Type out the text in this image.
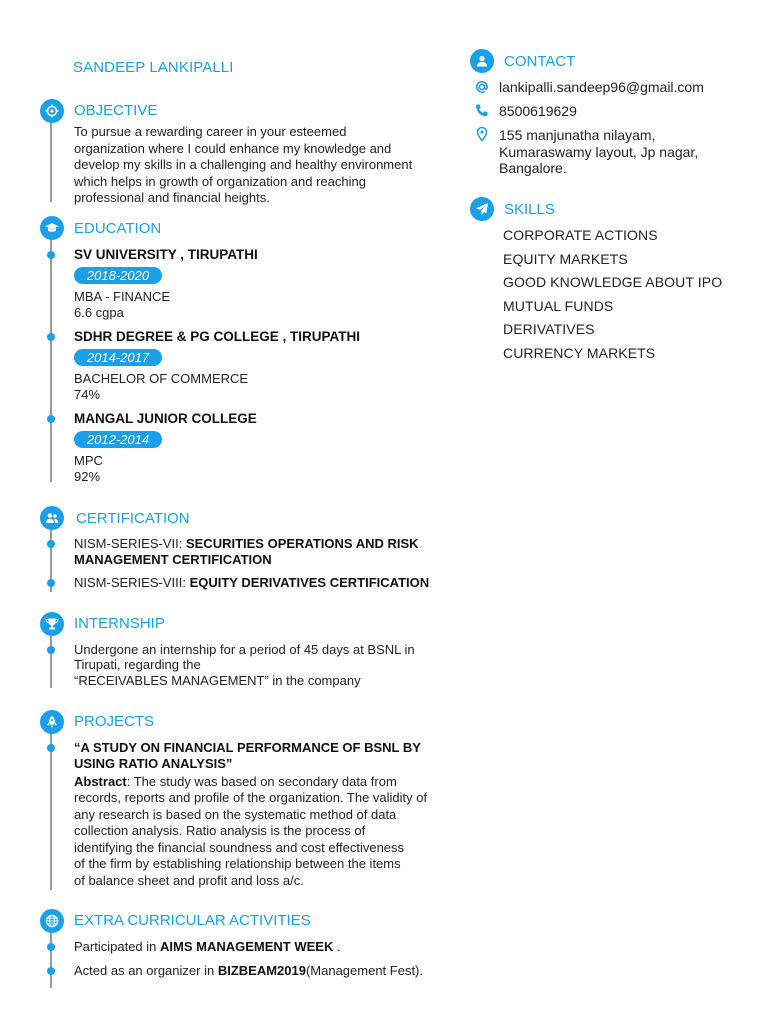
SANDEEP LANKIPALLI
OBJECTIVE
To pursue a rewarding career in your esteemed
organization where I could enhance my knowledge and
develop my skills in a challenging and healthy environment
which helps in growth of organization and reaching
professional and financial heights.
EDUCATION
SV UNIVERSITY , TIRUPATHI
2018-2020
MBA - FINANCE
6.6 cgpa
SDHR DEGREE & PG COLLEGE , TIRUPATHI
2014-2017
BACHELOR OF COMMERCE
74%
MANGAL JUNIOR COLLEGE
2012-2014
MPC
92%
CERTIFICATION
NISM-SERIES-VII: SECURITIES OPERATIONS AND RISK
MANAGEMENT CERTIFICATION
NISM-SERIES-VIII: EQUITY DERIVATIVES CERTIFICATION
INTERNSHIP
Undergone an internship for a period of 45 days at BSNL in
Tirupati, regarding the
“RECEIVABLES MANAGEMENT” in the company
PROJECTS
“A STUDY ON FINANCIAL PERFORMANCE OF BSNL BY
USING RATIO ANALYSIS”
Abstract: The study was based on secondary data from
records, reports and profile of the organization. The validity of
any research is based on the systematic method of data
collection analysis. Ratio analysis is the process of
identifying the financial soundness and cost effectiveness
of the firm by establishing relationship between the items
of balance sheet and profit and loss a/c.
EXTRA CURRICULAR ACTIVITIES
Participated in AIMS MANAGEMENT WEEK .
Acted as an organizer in BIZBEAM2019(Management Fest).
CONTACT
lankipalli.sandeep96@gmail.com
8500619629
155 manjunatha nilayam,
Kumaraswamy layout, Jp nagar,
Bangalore.
SKILLS
CORPORATE ACTIONS
EQUITY MARKETS
GOOD KNOWLEDGE ABOUT IPO
MUTUAL FUNDS
DERIVATIVES
CURRENCY MARKETS
